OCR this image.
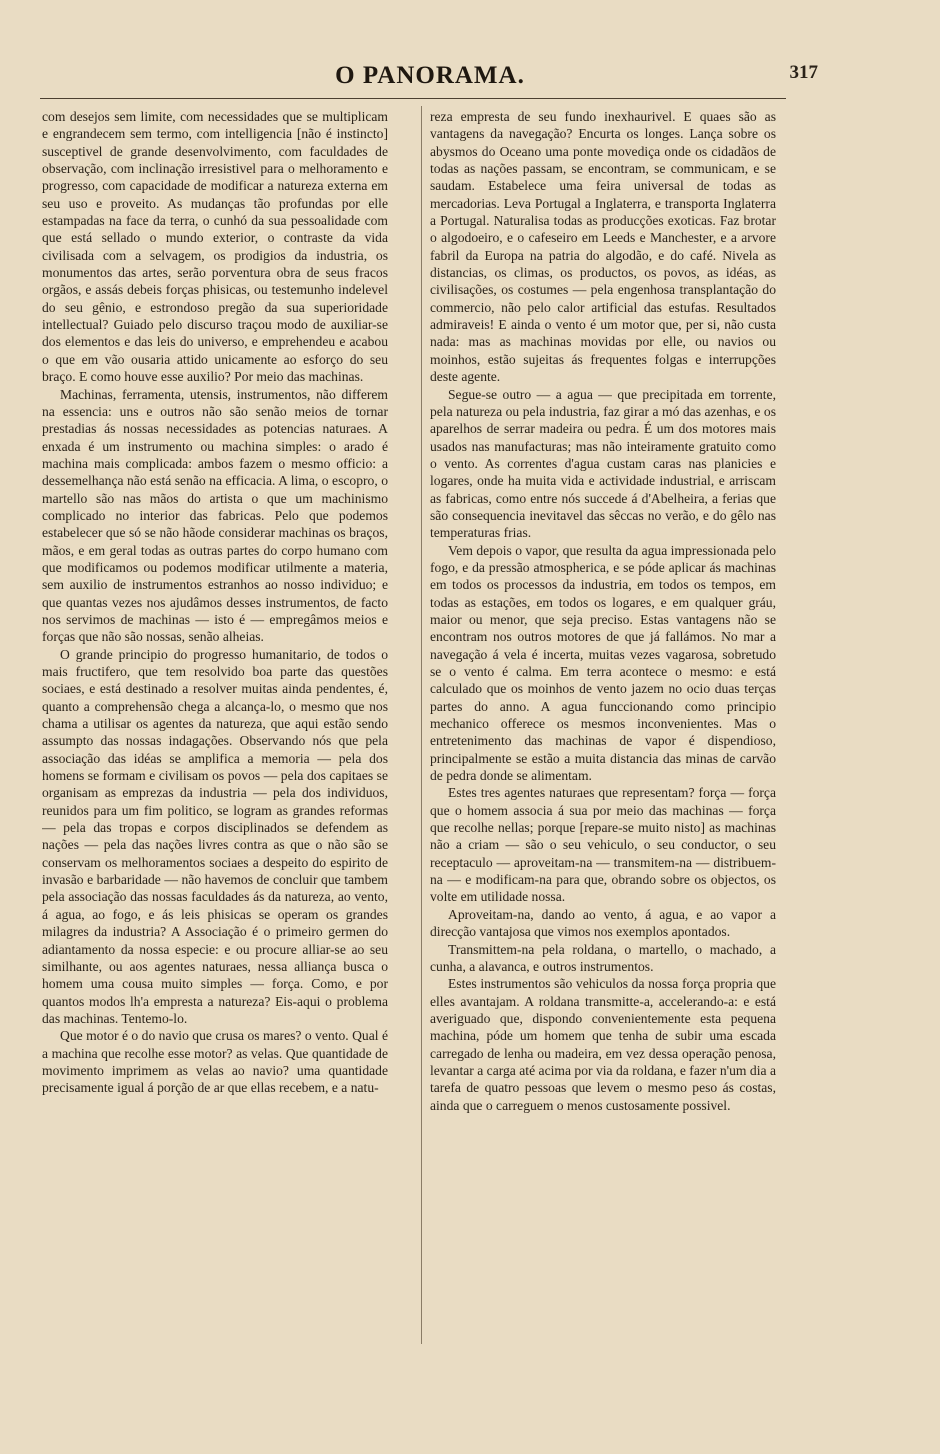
O PANORAMA.	317

com desejos sem limite, com necessidades que se multiplicam e engrandecem sem termo, com intelligencia [não é instincto] susceptivel de grande desenvolvimento, com faculdades de observação, com inclinação irresistivel para o melhoramento e progresso, com capacidade de modificar a natureza externa em seu uso e proveito. As mudanças tão profundas por elle estampadas na face da terra, o cunhó da sua pessoalidade com que está sellado o mundo exterior, o contraste da vida civilisada com a selvagem, os prodigios da industria, os monumentos das artes, serão porventura obra de seus fracos orgãos, e assás debeis forças phisicas, ou testemunho indelevel do seu gênio, e estrondoso pregão da sua superioridade intellectual? Guiado pelo discurso traçou modo de auxiliar-se dos elementos e das leis do universo, e emprehendeu e acabou o que em vão ousaria attido unicamente ao esforço do seu braço. E como houve esse auxilio? Por meio das machinas.

Machinas, ferramenta, utensis, instrumentos, não differem na essencia: uns e outros não são senão meios de tornar prestadias ás nossas necessidades as potencias naturaes. A enxada é um instrumento ou machina simples: o arado é machina mais complicada: ambos fazem o mesmo officio: a dessemelhança não está senão na efficacia. A lima, o escopro, o martello são nas mãos do artista o que um machinismo complicado no interior das fabricas. Pelo que podemos estabelecer que só se não hãode considerar machinas os braços, mãos, e em geral todas as outras partes do corpo humano com que modificamos ou podemos modificar utilmente a materia, sem auxilio de instrumentos estranhos ao nosso individuo; e que quantas vezes nos ajudâmos desses instrumentos, de facto nos servimos de machinas — isto é — empregâmos meios e forças que não são nossas, senão alheias.

O grande principio do progresso humanitario, de todos o mais fructifero, que tem resolvido boa parte das questões sociaes, e está destinado a resolver muitas ainda pendentes, é, quanto a comprehensão chega a alcança-lo, o mesmo que nos chama a utilisar os agentes da natureza, que aqui estão sendo assumpto das nossas indagações. Observando nós que pela associação das idéas se amplifica a memoria — pela dos homens se formam e civilisam os povos — pela dos capitaes se organisam as emprezas da industria — pela dos individuos, reunidos para um fim politico, se logram as grandes reformas — pela das tropas e corpos disciplinados se defendem as nações — pela das nações livres contra as que o não são se conservam os melhoramentos sociaes a despeito do espirito de invasão e barbaridade — não havemos de concluir que tambem pela associação das nossas faculdades ás da natureza, ao vento, á agua, ao fogo, e ás leis phisicas se operam os grandes milagres da industria? A Associação é o primeiro germen do adiantamento da nossa especie: e ou procure alliar-se ao seu similhante, ou aos agentes naturaes, nessa alliança busca o homem uma cousa muito simples — força. Como, e por quantos modos lh'a empresta a natureza? Eis-aqui o problema das machinas. Tentemo-lo.

Que motor é o do navio que crusa os mares? o vento. Qual é a machina que recolhe esse motor? as velas. Que quantidade de movimento imprimem as velas ao navio? uma quantidade precisamente igual á porção de ar que ellas recebem, e a natu-

reza empresta de seu fundo inexhaurivel. E quaes são as vantagens da navegação? Encurta os longes. Lança sobre os abysmos do Oceano uma ponte movediça onde os cidadãos de todas as nações passam, se encontram, se communicam, e se saudam. Estabelece uma feira universal de todas as mercadorias. Leva Portugal a Inglaterra, e transporta Inglaterra a Portugal. Naturalisa todas as producções exoticas. Faz brotar o algodoeiro, e o cafeseiro em Leeds e Manchester, e a arvore fabril da Europa na patria do algodão, e do café. Nivela as distancias, os climas, os productos, os povos, as idéas, as civilisações, os costumes — pela engenhosa transplantação do commercio, não pelo calor artificial das estufas. Resultados admiraveis! E ainda o vento é um motor que, per si, não custa nada: mas as machinas movidas por elle, ou navios ou moinhos, estão sujeitas ás frequentes folgas e interrupções deste agente.

Segue-se outro — a agua — que precipitada em torrente, pela natureza ou pela industria, faz girar a mó das azenhas, e os aparelhos de serrar madeira ou pedra. É um dos motores mais usados nas manufacturas; mas não inteiramente gratuito como o vento. As correntes d'agua custam caras nas planicies e logares, onde ha muita vida e actividade industrial, e arriscam as fabricas, como entre nós succede á d'Abelheira, a ferias que são consequencia inevitavel das sêccas no verão, e do gêlo nas temperaturas frias.

Vem depois o vapor, que resulta da agua impressionada pelo fogo, e da pressão atmospherica, e se póde aplicar ás machinas em todos os processos da industria, em todos os tempos, em todas as estações, em todos os logares, e em qualquer gráu, maior ou menor, que seja preciso. Estas vantagens não se encontram nos outros motores de que já fallámos. No mar a navegação á vela é incerta, muitas vezes vagarosa, sobretudo se o vento é calma. Em terra acontece o mesmo: e está calculado que os moinhos de vento jazem no ocio duas terças partes do anno. A agua funccionando como principio mechanico offerece os mesmos inconvenientes. Mas o entretenimento das machinas de vapor é dispendioso, principalmente se estão a muita distancia das minas de carvão de pedra donde se alimentam.

Estes tres agentes naturaes que representam? força — força que o homem associa á sua por meio das machinas — força que recolhe nellas; porque [repare-se muito nisto] as machinas não a criam — são o seu vehiculo, o seu conductor, o seu receptaculo — aproveitam-na — transmitem-na — distribuem-na — e modificam-na para que, obrando sobre os objectos, os volte em utilidade nossa.

Aproveitam-na, dando ao vento, á agua, e ao vapor a direcção vantajosa que vimos nos exemplos apontados.

Transmittem-na pela roldana, o martello, o machado, a cunha, a alavanca, e outros instrumentos.

Estes instrumentos são vehiculos da nossa força propria que elles avantajam. A roldana transmitte-a, accelerando-a: e está averiguado que, dispondo convenientemente esta pequena machina, póde um homem que tenha de subir uma escada carregado de lenha ou madeira, em vez dessa operação penosa, levantar a carga até acima por via da roldana, e fazer n'um dia a tarefa de quatro pessoas que levem o mesmo peso ás costas, ainda que o carreguem o menos custosamente possivel.
